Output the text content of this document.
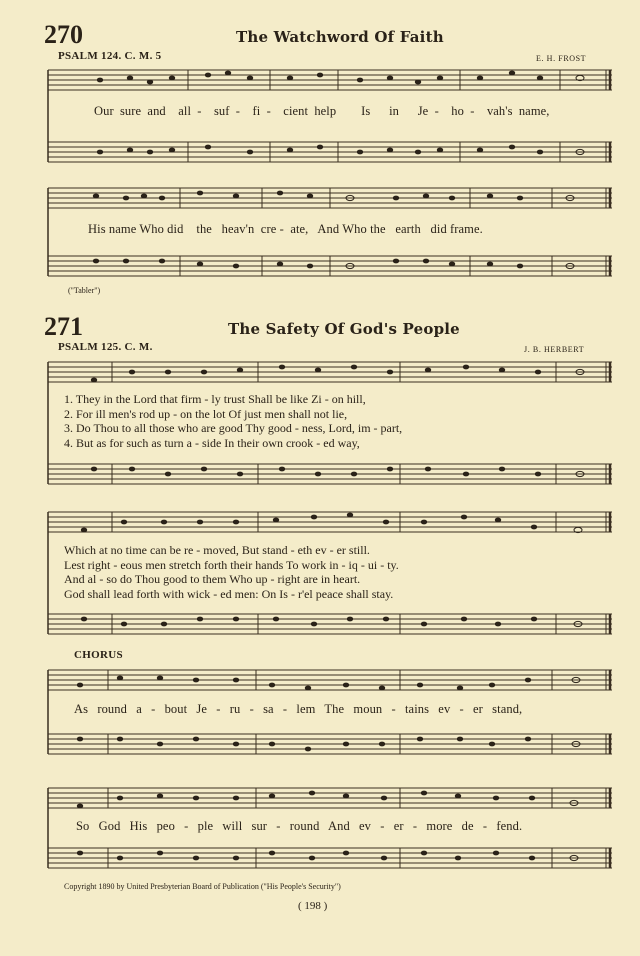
270	The Watchword Of Faith
PSALM 124. C. M. 5	E. H. FROST
Our sure and all - suf - fi - cient help Is in Je - ho - vah's name,
His name Who did the heav'n cre - ate, And Who the earth did frame.
("Tabler")
271	The Safety Of God's People
PSALM 125. C. M.	J. B. HERBERT
1. They in the Lord that firm - ly trust Shall be like Zi - on hill,
2. For ill men's rod up - on the lot Of just men shall not lie,
3. Do Thou to all those who are good Thy good - ness, Lord, im - part,
4. But as for such as turn a - side In their own crook - ed way,
Which at no time can be re - moved, But stand - eth ev - er still.
Lest right - eous men stretch forth their hands To work in - iq - ui - ty.
And al - so do Thou good to them Who up - right are in heart.
God shall lead forth with wick - ed men: On Is - r'el peace shall stay.
CHORUS
As round a - bout Je - ru - sa - lem The moun - tains ev - er stand,
So God His peo - ple will sur - round And ev - er - more de - fend.
Copyright 1890 by United Presbyterian Board of Publication ("His People's Security")
( 198 )
